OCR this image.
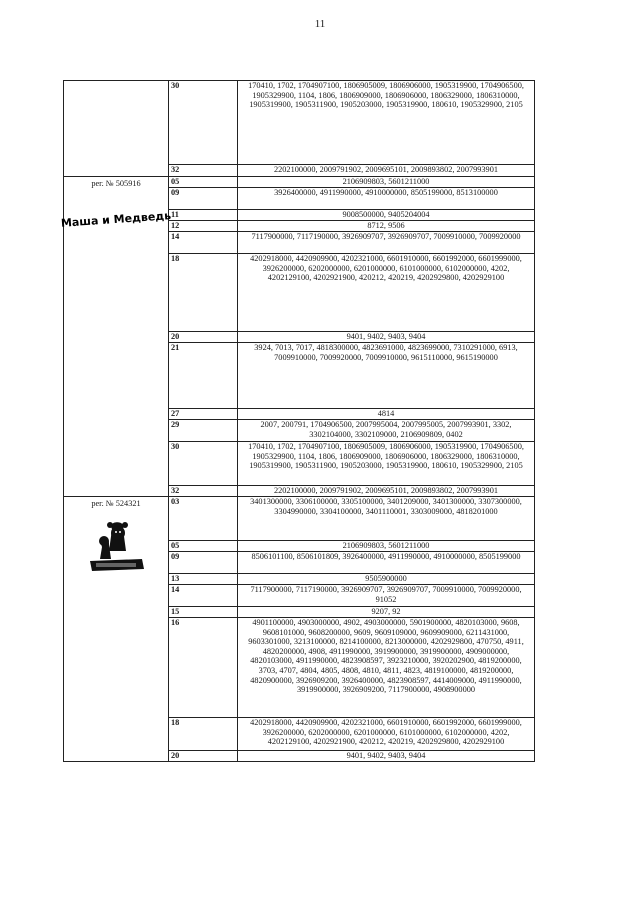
11
	30	170410, 1702, 1704907100, 1806905009, 1806906000, 1905319900, 1704906500, 1905329900, 1104, 1806, 1806909000, 1806906000, 1806329000, 1806310000, 1905319900, 1905311900, 1905203000, 1905319900, 180610, 1905329900, 2105
	32	2202100000, 2009791902, 2009695101, 2009893802, 2007993901

рег. № 505916
Маша и Медведь	05	2106909803, 5601211000
	09	3926400000, 4911990000, 4910000000, 8505199000, 8513100000
	11	9008500000, 9405204004
	12	8712, 9506
	14	7117900000, 7117190000, 3926909707, 3926909707, 7009910000, 7009920000
	18	4202918000, 4420909900, 4202321000, 6601910000, 6601992000, 6601999000, 3926200000, 6202000000, 6201000000, 6101000000, 6102000000, 4202, 4202129100, 4202921900, 420212, 420219, 4202929800, 4202929100
	20	9401, 9402, 9403, 9404
	21	3924, 7013, 7017, 4818300000, 4823691000, 4823699000, 7310291000, 6913, 7009910000, 7009920000, 7009910000, 9615110000, 9615190000
	27	4814
	29	2007, 200791, 1704906500, 2007995004, 2007995005, 2007993901, 3302, 3302104000, 3302109000, 2106909809, 0402
	30	170410, 1702, 1704907100, 1806905009, 1806906000, 1905319900, 1704906500, 1905329900, 1104, 1806, 1806909000, 1806906000, 1806329000, 1806310000, 1905319900, 1905311900, 1905203000, 1905319900, 180610, 1905329900, 2105
	32	2202100000, 2009791902, 2009695101, 2009893802, 2007993901

рег. № 524321	03	3401300000, 3306100000, 3305100000, 3401209000, 3401300000, 3307300000, 3304990000, 3304100000, 3401110001, 3303009000, 4818201000
	05	2106909803, 5601211000
	09	8506101100, 8506101809, 3926400000, 4911990000, 4910000000, 8505199000
	13	9505900000
	14	7117900000, 7117190000, 3926909707, 3926909707, 7009910000, 7009920000, 91052
	15	9207, 92
	16	4901100000, 4903000000, 4902, 4903000000, 5901900000, 4820103000, 9608, 9608101000, 9608200000, 9609, 9609109000, 9609909000, 6211431000, 9603301000, 3213100000, 8214100000, 8213000000, 4202929800, 470750, 4911, 4820200000, 4908, 4911990000, 3919900000, 3919900000, 4909000000, 4820103000, 4911990000, 4823908597, 3923210000, 3920202900, 4819200000, 3703, 4707, 4804, 4805, 4808, 4810, 4811, 4823, 4819100000, 4819200000, 4820900000, 3926909200, 3926400000, 4823908597, 4414009000, 4911990000, 3919900000, 3926909200, 7117900000, 4908900000
	18	4202918000, 4420909900, 4202321000, 6601910000, 6601992000, 6601999000, 3926200000, 6202000000, 6201000000, 6101000000, 6102000000, 4202, 4202129100, 4202921900, 420212, 420219, 4202929800, 4202929100
	20	9401, 9402, 9403, 9404
